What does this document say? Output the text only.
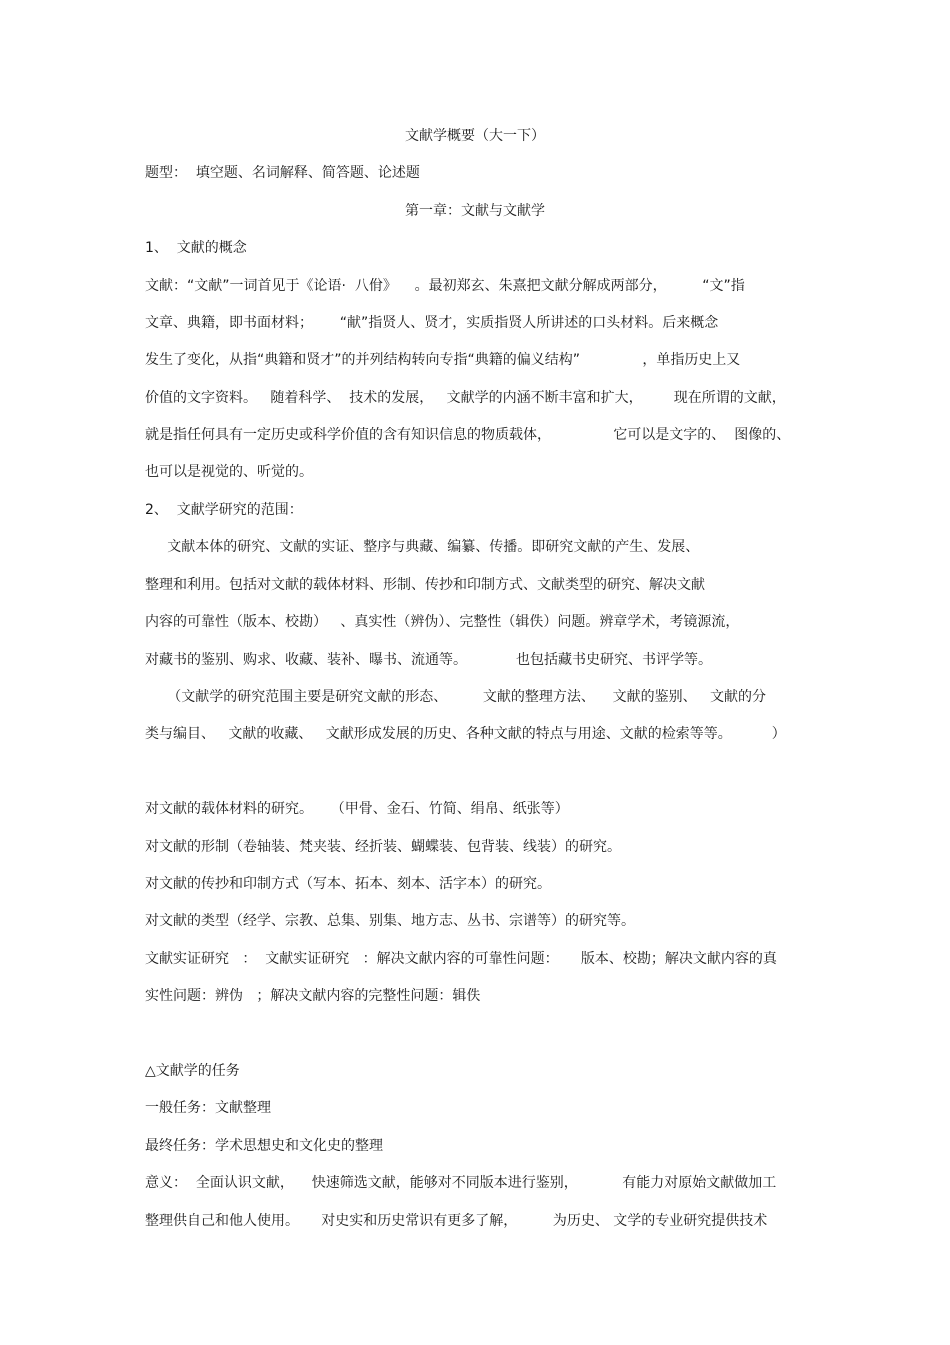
文献学概要（大一下）
题型：  填空题、名词解释、简答题、论述题
第一章：文献与文献学
1、  文献的概念
文献：“文献”一词首见于《论语·  八佾》    。最初郑玄、朱熹把文献分解成两部分，        “文”指
文章、典籍，即书面材料；      “献”指贤人、贤才，实质指贤人所讲述的口头材料。后来概念
发生了变化，从指“典籍和贤才”的并列结构转向专指“典籍的偏义结构”              ，单指历史上又
价值的文字资料。   随着科学、  技术的发展，   文献学的内涵不断丰富和扩大，       现在所谓的文献，
就是指任何具有一定历史或科学价值的含有知识信息的物质载体，              它可以是文字的、  图像的、
也可以是视觉的、听觉的。
2、  文献学研究的范围：
文献本体的研究、文献的实证、整序与典藏、编纂、传播。即研究文献的产生、发展、
整理和利用。包括对文献的载体材料、形制、传抄和印制方式、文献类型的研究、解决文献
内容的可靠性（版本、校勘）   、真实性（辨伪）、完整性（辑佚）问题。辨章学术，考镜源流，
对藏书的鉴别、购求、收藏、装补、曝书、流通等。           也包括藏书史研究、书评学等。
（文献学的研究范围主要是研究文献的形态、        文献的整理方法、    文献的鉴别、   文献的分
类与编目、   文献的收藏、   文献形成发展的历史、各种文献的特点与用途、文献的检索等等。         ）
对文献的载体材料的研究。    （甲骨、金石、竹简、绢帛、纸张等）
对文献的形制（卷轴装、梵夹装、经折装、蝴蝶装、包背装、线装）的研究。
对文献的传抄和印制方式（写本、拓本、刻本、活字本）的研究。
对文献的类型（经学、宗教、总集、别集、地方志、丛书、宗谱等）的研究等。
文献实证研究   ：  文献实证研究   ：解决文献内容的可靠性问题：     版本、校勘；解决文献内容的真
实性问题：辨伪   ；解决文献内容的完整性问题：辑佚
△文献学的任务
一般任务：文献整理
最终任务：学术思想史和文化史的整理
意义：  全面认识文献，    快速筛选文献，能够对不同版本进行鉴别，          有能力对原始文献做加工
整理供自己和他人使用。     对史实和历史常识有更多了解，        为历史、 文学的专业研究提供技术
